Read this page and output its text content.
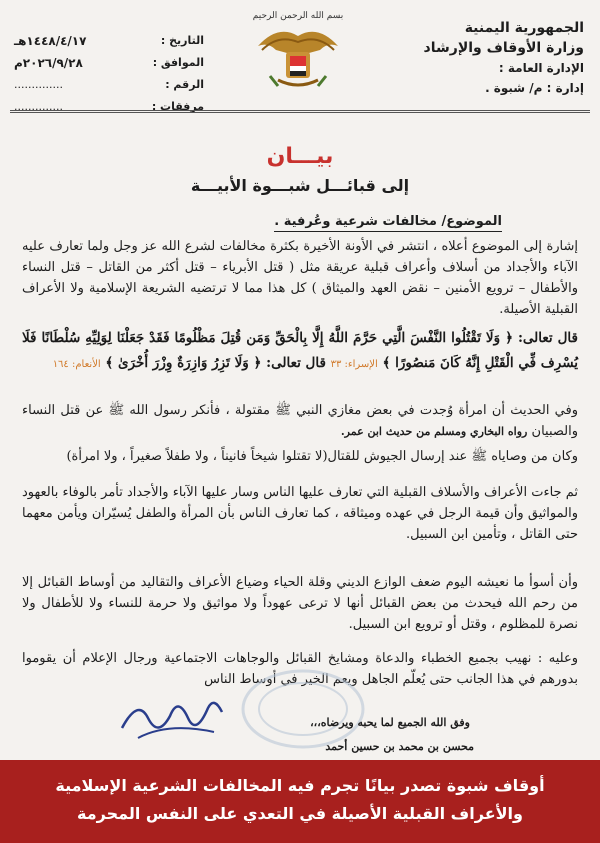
الجمهورية اليمنية
وزارة الأوقاف والإرشاد
الإدارة العامة :
إدارة : م/ شبوة .
بسم الله الرحمن الرحيم
التاريخ :
١٤٤٨/٤/١٧هـ
الموافق :
٢٠٢٦/٩/٢٨م
الرقم :
..............
مرفقات :
..............
بيـــان
إلى قبائـــل شبـــوة الأبيـــة
الموضوع/ مخالفات شرعية وعُرفية .
إشارة إلى الموضوع أعلاه ، انتشر في الأونة الأخيرة بكثرة مخالفات لشرع الله عز وجل ولما تعارف عليه الآباء والأجداد من أسلاف وأعراف قبلية عريقة مثل ( قتل الأبرياء – قتل أكثر من القاتل – قتل النساء والأطفال – ترويع الأمنين – نقض العهد والميثاق ) كل هذا مما لا ترتضيه الشريعة الإسلامية ولا الأعراف القبلية الأصيلة.
قال تعالى: ﴿ وَلَا تَقْتُلُوا النَّفْسَ الَّتِي حَرَّمَ اللَّهُ إِلَّا بِالْحَقِّ وَمَن قُتِلَ مَظْلُومًا فَقَدْ جَعَلْنَا لِوَلِيِّهِ سُلْطَانًا فَلَا يُسْرِف فِّي الْقَتْلِ إِنَّهُ كَانَ مَنصُورًا ﴾ الإسراء: ٣٣ قال تعالى: ﴿ وَلَا تَزِرُ وَازِرَةٌ وِزْرَ أُخْرَىٰ ﴾ الأنعام: ١٦٤
وفي الحديث أن امرأة وُجدت في بعض مغازي النبي ﷺ مقتولة ، فأنكر رسول الله ﷺ عن قتل النساء والصبيان رواه البخاري ومسلم من حديث ابن عمر.
وكان من وصاياه ﷺ عند إرسال الجيوش للقتال(لا تقتلوا شيخاً فانيناً ، ولا طفلاً صغيراً ، ولا امرأة)
ثم جاءت الأعراف والأسلاف القبلية التي تعارف عليها الناس وسار عليها الآباء والأجداد تأمر بالوفاء بالعهود والمواثيق وأن قيمة الرجل في عهده وميثاقه ، كما تعارف الناس بأن المرأة والطفل يُسيّران ويأمن معهما حتى القاتل ، وتأمين ابن السبيل.
وأن أسوأ ما نعيشه اليوم ضعف الوازع الديني وقلة الحياء وضياع الأعراف والتقاليد من أوساط القبائل إلا من رحم الله فيحدث من بعض القبائل أنها لا ترعى عهوداً ولا مواثيق ولا حرمة للنساء ولا للأطفال ولا نصرة للمظلوم ، وقتل أو ترويع ابن السبيل.
وعليه : نهيب بجميع الخطباء والدعاة ومشايخ القبائل والوجاهات الاجتماعية ورجال الإعلام أن يقوموا بدورهم في هذا الجانب حتى يُعلّم الجاهل ويعم الخير في أوساط الناس
وفق الله الجميع لما يحبه ويرضاه،،،
محسن بن محمد بن حسين أحمد
أوقاف شبوة تصدر بيانًا تجرم فيه المخالفات الشرعية الإسلامية
والأعراف القبلية الأصيلة في التعدي على النفس المحرمة
